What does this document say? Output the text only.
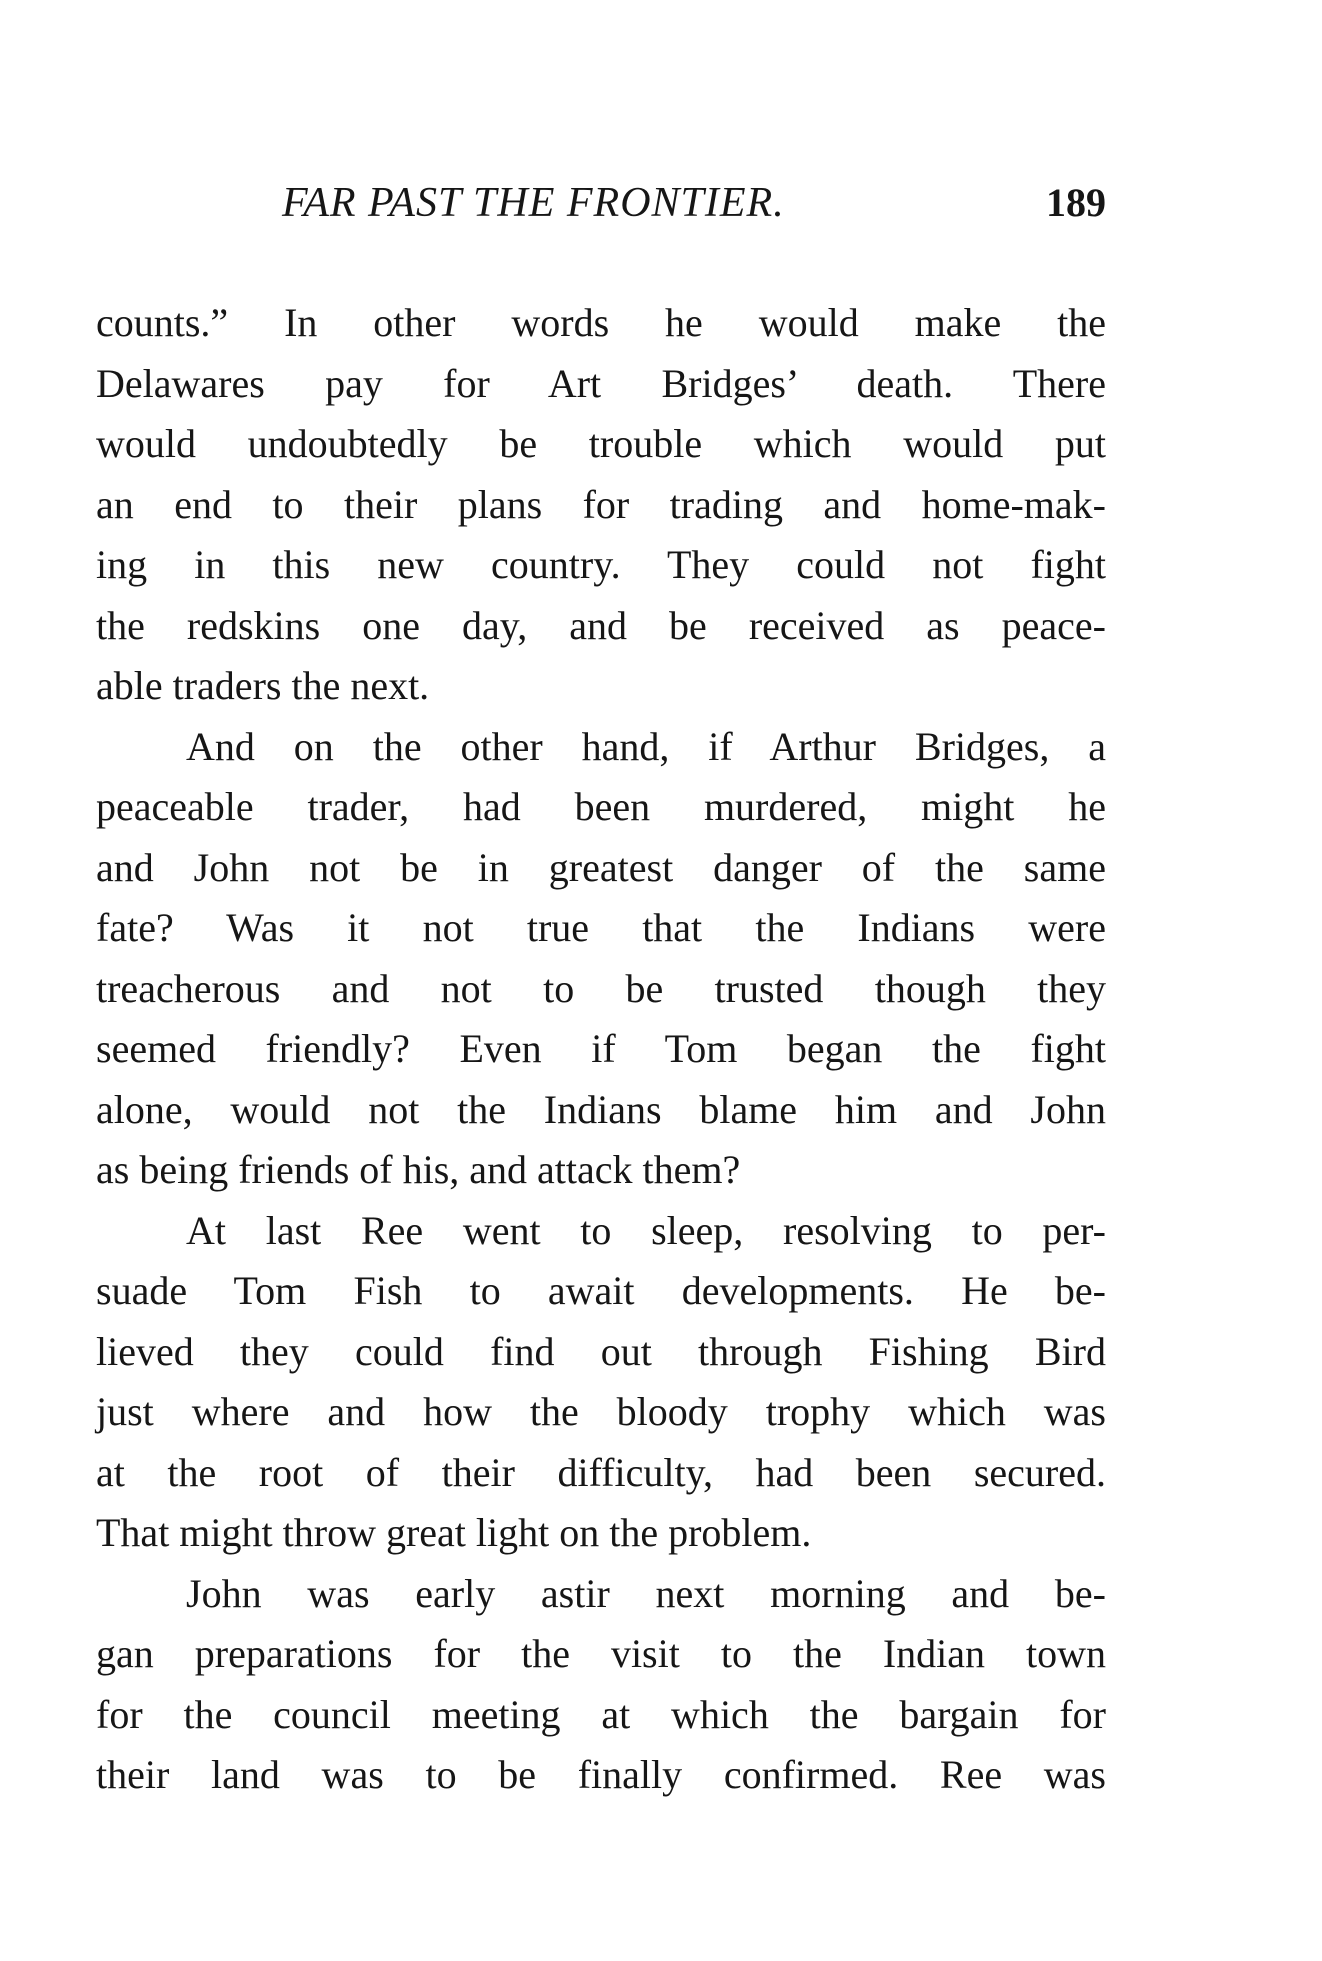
FAR PAST THE FRONTIER.	189
counts.” In other words he would make the
Delawares pay for Art Bridges’ death. There
would undoubtedly be trouble which would put
an end to their plans for trading and home-mak-
ing in this new country. They could not fight
the redskins one day, and be received as peace-
able traders the next.
And on the other hand, if Arthur Bridges, a
peaceable trader, had been murdered, might he
and John not be in greatest danger of the same
fate? Was it not true that the Indians were
treacherous and not to be trusted though they
seemed friendly? Even if Tom began the fight
alone, would not the Indians blame him and John
as being friends of his, and attack them?
At last Ree went to sleep, resolving to per-
suade Tom Fish to await developments. He be-
lieved they could find out through Fishing Bird
just where and how the bloody trophy which was
at the root of their difficulty, had been secured.
That might throw great light on the problem.
John was early astir next morning and be-
gan preparations for the visit to the Indian town
for the council meeting at which the bargain for
their land was to be finally confirmed. Ree was
